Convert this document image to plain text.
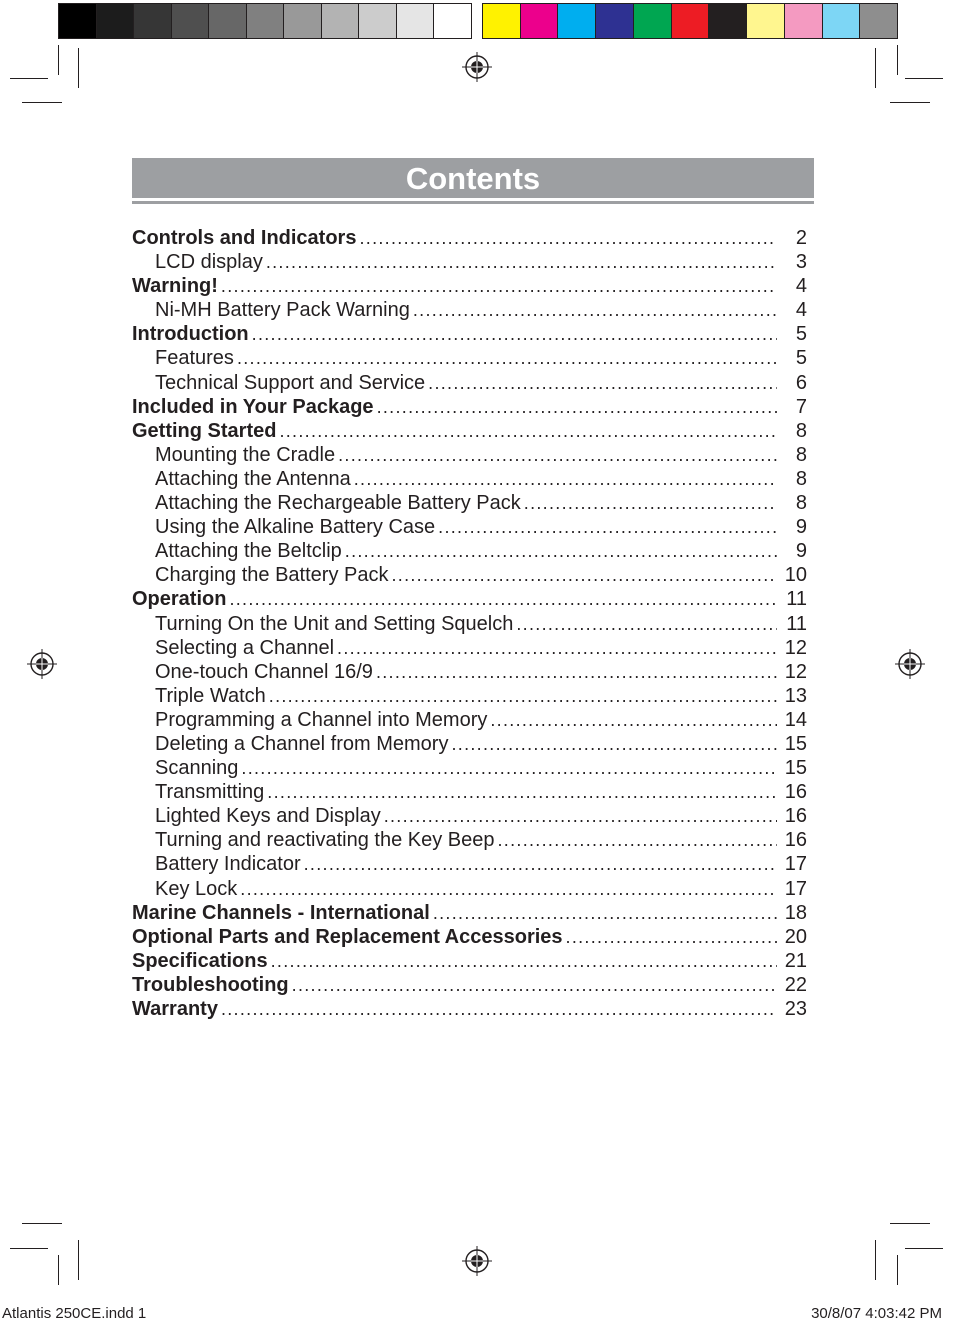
Contents
Controls and Indicators .....	2
LCD display .....	3
Warning! .....	4
Ni-MH Battery Pack Warning .....	4
Introduction .....	5
Features .....	5
Technical Support and Service .....	6
Included in Your Package .....	7
Getting Started .....	8
Mounting the Cradle .....	8
Attaching the Antenna .....	8
Attaching the Rechargeable Battery Pack .....	8
Using the Alkaline Battery Case .....	9
Attaching the Beltclip .....	9
Charging the Battery Pack .....	10
Operation .....	11
Turning On the Unit and Setting Squelch .....	11
Selecting a Channel .....	12
One-touch Channel 16/9 .....	12
Triple Watch .....	13
Programming a Channel into Memory .....	14
Deleting a Channel from Memory .....	15
Scanning .....	15
Transmitting .....	16
Lighted Keys and Display .....	16
Turning and reactivating the Key Beep .....	16
Battery Indicator .....	17
Key Lock .....	17
Marine Channels - International .....	18
Optional Parts and Replacement Accessories .....	20
Specifications .....	21
Troubleshooting .....	22
Warranty .....	23
Atlantis 250CE.indd 1	30/8/07 4:03:42 PM
